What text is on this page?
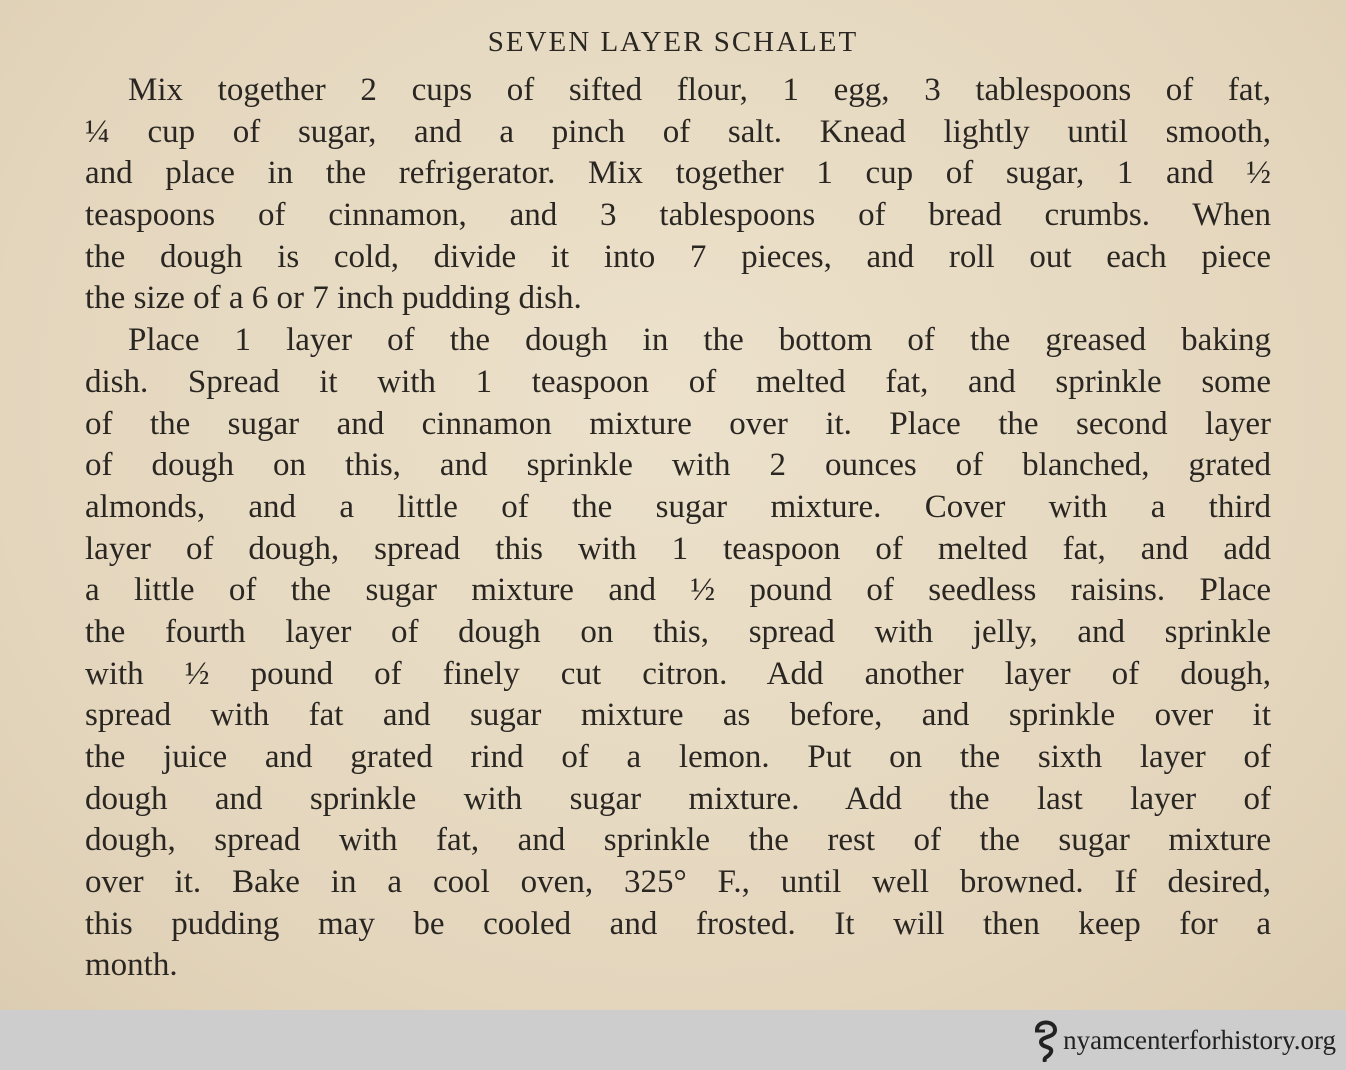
SEVEN LAYER SCHALET
Mix together 2 cups of sifted flour, 1 egg, 3 tablespoons of fat,
¼ cup of sugar, and a pinch of salt. Knead lightly until smooth,
and place in the refrigerator. Mix together 1 cup of sugar, 1 and ½
teaspoons of cinnamon, and 3 tablespoons of bread crumbs. When
the dough is cold, divide it into 7 pieces, and roll out each piece
the size of a 6 or 7 inch pudding dish.
Place 1 layer of the dough in the bottom of the greased baking
dish. Spread it with 1 teaspoon of melted fat, and sprinkle some
of the sugar and cinnamon mixture over it. Place the second layer
of dough on this, and sprinkle with 2 ounces of blanched, grated
almonds, and a little of the sugar mixture. Cover with a third
layer of dough, spread this with 1 teaspoon of melted fat, and add
a little of the sugar mixture and ½ pound of seedless raisins. Place
the fourth layer of dough on this, spread with jelly, and sprinkle
with ½ pound of finely cut citron. Add another layer of dough,
spread with fat and sugar mixture as before, and sprinkle over it
the juice and grated rind of a lemon. Put on the sixth layer of
dough and sprinkle with sugar mixture. Add the last layer of
dough, spread with fat, and sprinkle the rest of the sugar mixture
over it. Bake in a cool oven, 325° F., until well browned. If desired,
this pudding may be cooled and frosted. It will then keep for a
month.
nyamcenterforhistory.org
